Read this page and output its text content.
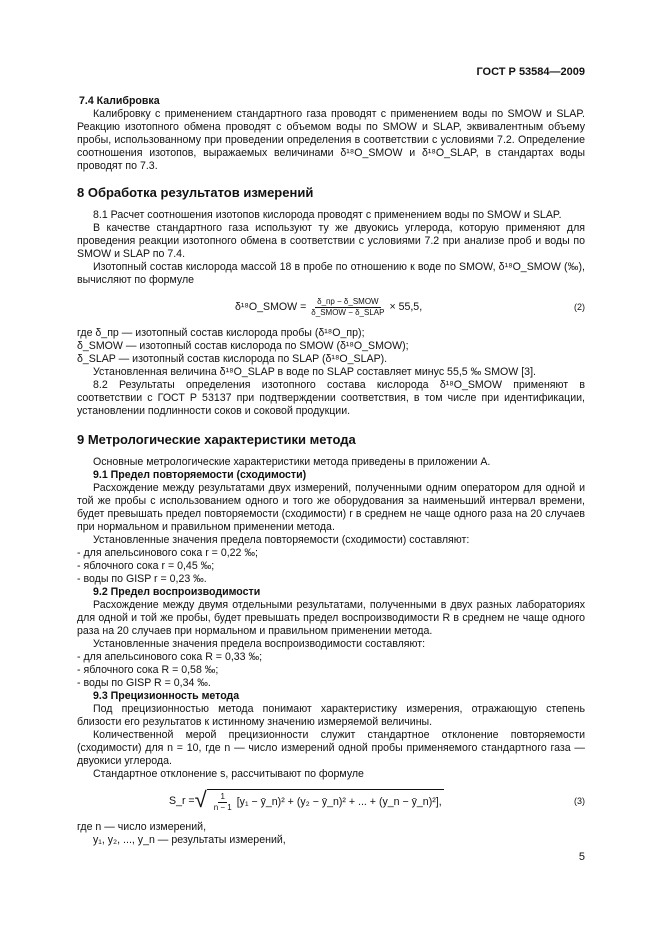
ГОСТ Р 53584—2009

7.4 Калибровка

Калибровку с применением стандартного газа проводят с применением воды по SMOW и SLAP. Реакцию изотопного обмена проводят с объемом воды по SMOW и SLAP, эквивалентным объему пробы, использованному при проведении определения в соответствии с условиями 7.2. Определение соотношения изотопов, выражаемых величинами δ¹⁸O_SMOW и δ¹⁸O_SLAP, в стандартах воды проводят по 7.3.

8 Обработка результатов измерений

8.1 Расчет соотношения изотопов кислорода проводят с применением воды по SMOW и SLAP.

В качестве стандартного газа используют ту же двуокись углерода, которую применяют для проведения реакции изотопного обмена в соответствии с условиями 7.2 при анализе проб и воды по SMOW и SLAP по 7.4.

Изотопный состав кислорода массой 18 в пробе по отношению к воде по SMOW, δ¹⁸O_SMOW (‰), вычисляют по формуле

δ¹⁸O_SMOW = $\frac{\text{δ\_пр − δ\_SMOW}}{\text{δ\_SMOW − δ\_SLAP}} \times 55,5$,	(2)

где δ_пр — изотопный состав кислорода пробы (δ¹⁸O_пр);

δ_SMOW — изотопный состав кислорода по SMOW (δ¹⁸O_SMOW);

δ_SLAP — изотопный состав кислорода по SLAP (δ¹⁸O_SLAP).

Установленная величина δ¹⁸O_SLAP в воде по SLAP составляет минус 55,5 ‰ SMOW [3].

8.2 Результаты определения изотопного состава кислорода δ¹⁸O_SMOW применяют в соответствии с ГОСТ Р 53137 при подтверждении соответствия, в том числе при идентификации, установлении подлинности соков и соковой продукции.

9 Метрологические характеристики метода

Основные метрологические характеристики метода приведены в приложении А.

9.1 Предел повторяемости (сходимости)

Расхождение между результатами двух измерений, полученными одним оператором для одной и той же пробы с использованием одного и того же оборудования за наименьший интервал времени, будет превышать предел повторяемости (сходимости) r в среднем не чаще одного раза на 20 случаев при нормальном и правильном применении метода.

Установленные значения предела повторяемости (сходимости) составляют:

- для апельсинового сока r = 0,22 ‰;

- яблочного сока r = 0,45 ‰;

- воды по GISP r = 0,23 ‰.

9.2 Предел воспроизводимости

Расхождение между двумя отдельными результатами, полученными в двух разных лабораториях для одной и той же пробы, будет превышать предел воспроизводимости R в среднем не чаще одного раза на 20 случаев при нормальном и правильном применении метода.

Установленные значения предела воспроизводимости составляют:

- для апельсинового сока R = 0,33 ‰;

- яблочного сока R = 0,58 ‰;

- воды по GISP R = 0,34 ‰.

9.3 Прецизионность метода

Под прецизионностью метода понимают характеристику измерения, отражающую степень близости его результатов к истинному значению измеряемой величины.

Количественной мерой прецизионности служит стандартное отклонение повторяемости (сходимости) для n = 10, где n — число измерений одной пробы применяемого стандартного газа — двуокиси углерода.

Стандартное отклонение s, рассчитывают по формуле

S_r = √ $\frac{1}{n - 1} [y_1$ − ȳ_n)² + (y₂ − ȳ_n)² + ... + (y_n − ȳ_n)²],	(3)

где n — число измерений,

y₁, y₂, ..., y_n — результаты измерений,

5
